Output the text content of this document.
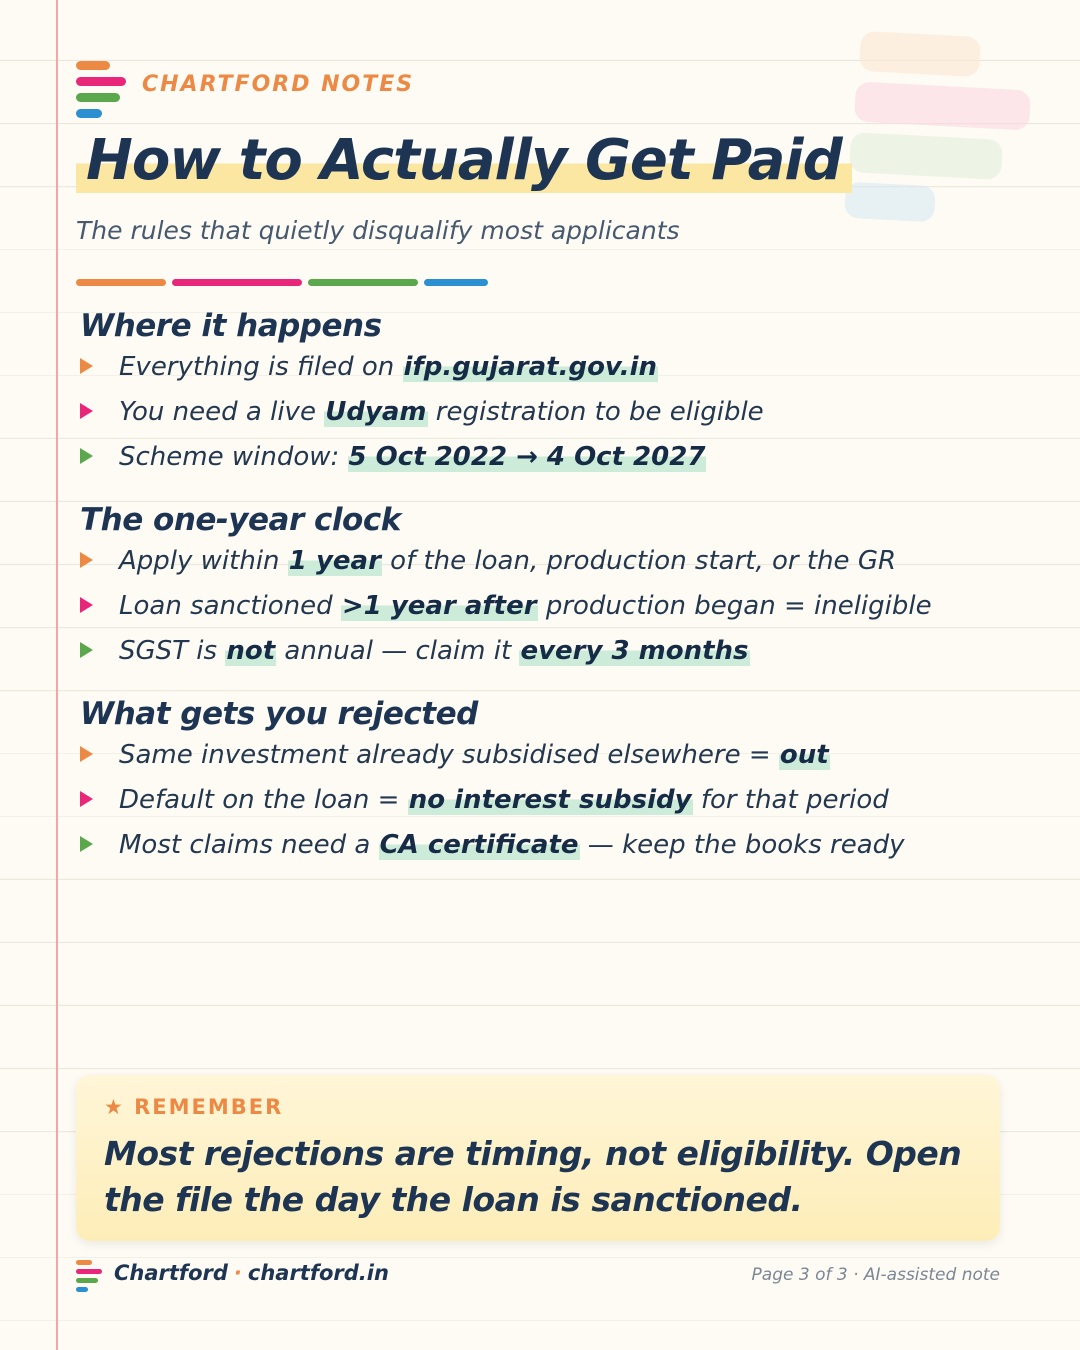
CHARTFORD NOTES
How to Actually Get Paid
The rules that quietly disqualify most applicants
Where it happens
Everything is filed on ifp.gujarat.gov.in
You need a live Udyam registration to be eligible
Scheme window: 5 Oct 2022 → 4 Oct 2027
The one-year clock
Apply within 1 year of the loan, production start, or the GR
Loan sanctioned >1 year after production began = ineligible
SGST is not annual — claim it every 3 months
What gets you rejected
Same investment already subsidised elsewhere = out
Default on the loan = no interest subsidy for that period
Most claims need a CA certificate — keep the books ready
★ REMEMBER
Most rejections are timing, not eligibility. Open the file the day the loan is sanctioned.
Chartford · chartford.in	Page 3 of 3 · AI-assisted note
